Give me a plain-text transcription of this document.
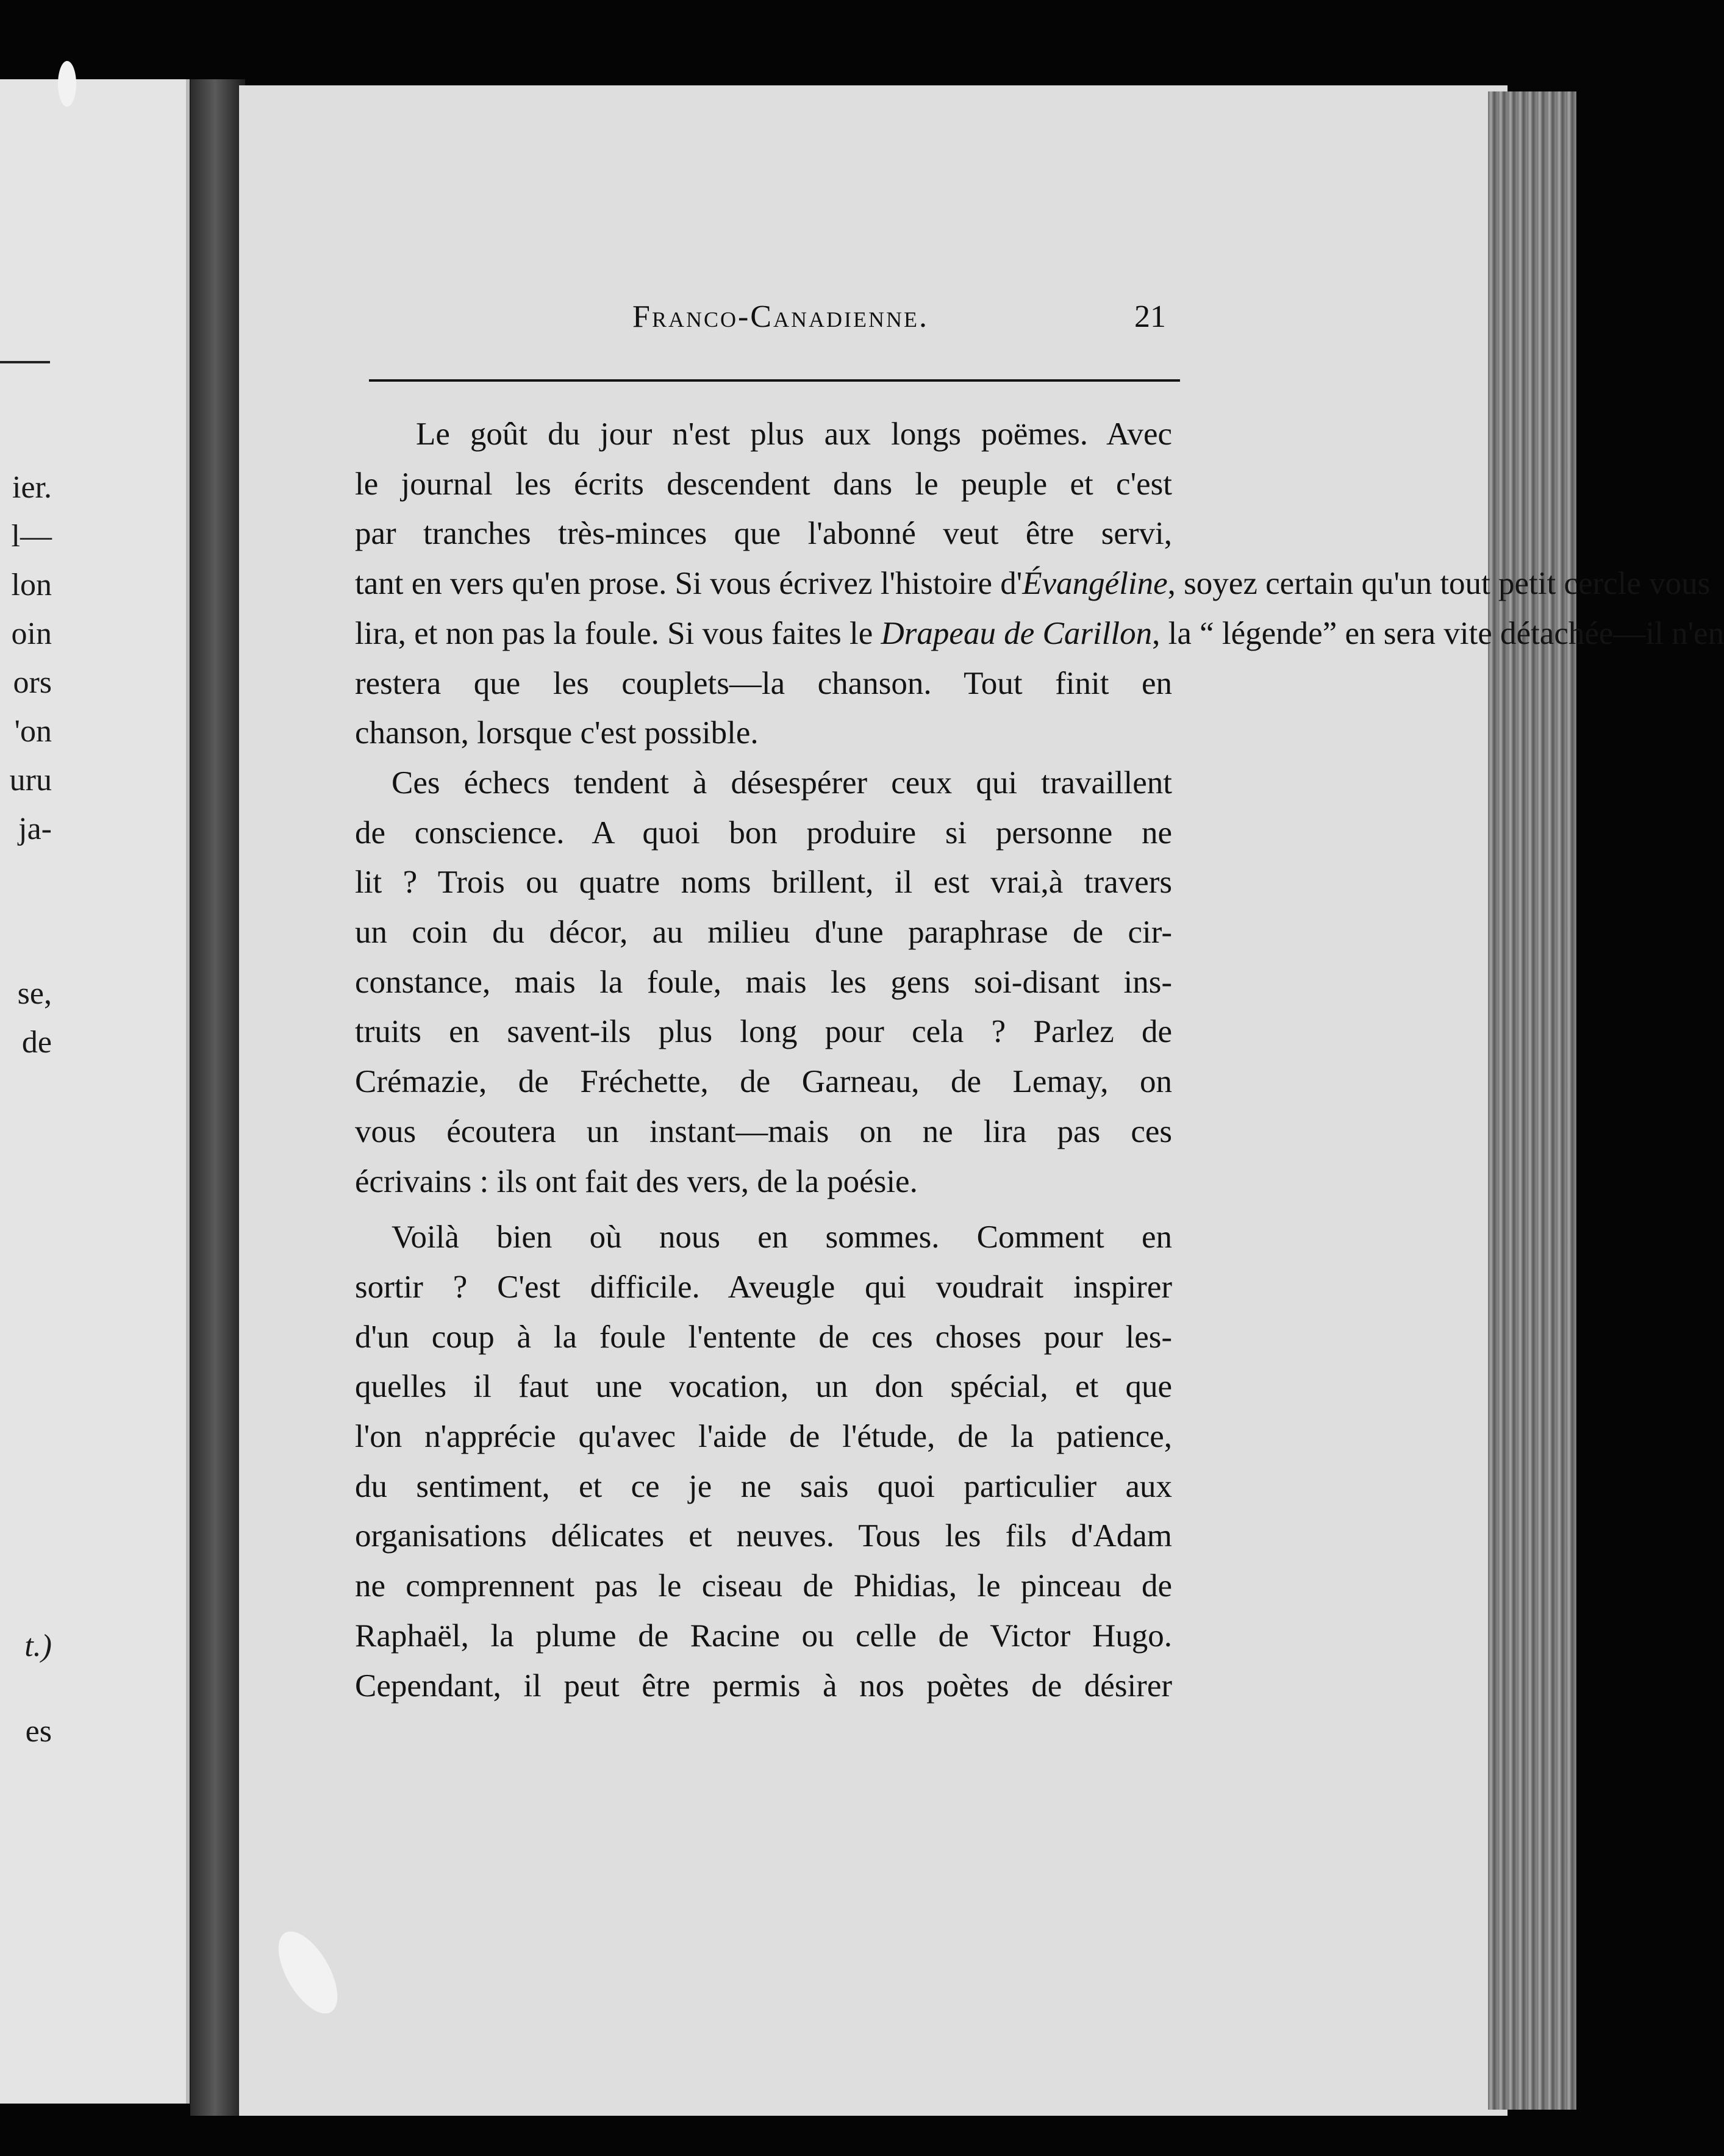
ier.
l—
lon
oin
ors
'on
uru
ja-
se,
de
t.)
es
Franco-Canadienne.	21
Le goût du jour n'est plus aux longs poëmes. Avec
le journal les écrits descendent dans le peuple et c'est
par tranches très-minces que l'abonné veut être servi,
tant en vers qu'en prose. Si vous écrivez l'histoire d'Évangéline, soyez certain qu'un tout petit cercle vous
lira, et non pas la foule. Si vous faites le Drapeau de Carillon, la “ légende” en sera vite détachée—il n'en
restera que les couplets—la chanson. Tout finit en
chanson, lorsque c'est possible.
Ces échecs tendent à désespérer ceux qui travaillent
de conscience. A quoi bon produire si personne ne
lit ? Trois ou quatre noms brillent, il est vrai,à travers
un coin du décor, au milieu d'une paraphrase de cir-
constance, mais la foule, mais les gens soi-disant ins-
truits en savent-ils plus long pour cela ? Parlez de
Crémazie, de Fréchette, de Garneau, de Lemay, on
vous écoutera un instant—mais on ne lira pas ces
écrivains : ils ont fait des vers, de la poésie.
Voilà bien où nous en sommes. Comment en
sortir ? C'est difficile. Aveugle qui voudrait inspirer
d'un coup à la foule l'entente de ces choses pour les-
quelles il faut une vocation, un don spécial, et que
l'on n'apprécie qu'avec l'aide de l'étude, de la patience,
du sentiment, et ce je ne sais quoi particulier aux
organisations délicates et neuves. Tous les fils d'Adam
ne comprennent pas le ciseau de Phidias, le pinceau de
Raphaël, la plume de Racine ou celle de Victor Hugo.
Cependant, il peut être permis à nos poètes de désirer
